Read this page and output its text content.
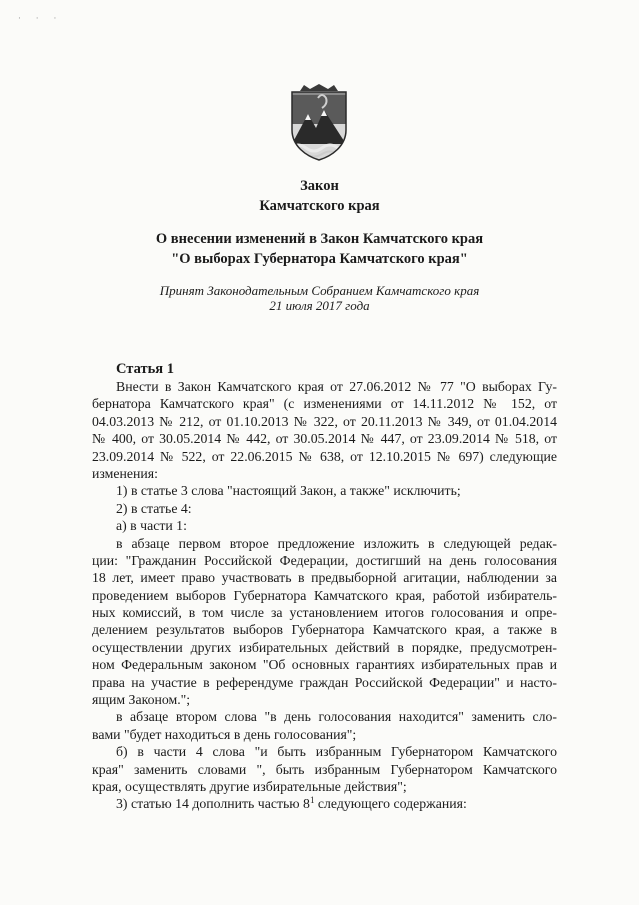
· · ·
Закон
Камчатского края
О внесении изменений в Закон Камчатского края
"О выборах Губернатора Камчатского края"
Принят Законодательным Собранием Камчатского края
21 июля 2017 года
Статья 1
Внести в Закон Камчатского края от 27.06.2012 № 77 "О выборах Гу-
бернатора Камчатского края" (с изменениями от 14.11.2012 № 152, от
04.03.2013 № 212, от 01.10.2013 № 322, от 20.11.2013 № 349, от 01.04.2014
№ 400, от 30.05.2014 № 442, от 30.05.2014 № 447, от 23.09.2014 № 518, от
23.09.2014 № 522, от 22.06.2015 № 638, от 12.10.2015 № 697) следующие
изменения:
1) в статье 3 слова "настоящий Закон, а также" исключить;
2) в статье 4:
а) в части 1:
в абзаце первом второе предложение изложить в следующей редак-
ции: "Гражданин Российской Федерации, достигший на день голосования
18 лет, имеет право участвовать в предвыборной агитации, наблюдении за
проведением выборов Губернатора Камчатского края, работой избиратель-
ных комиссий, в том числе за установлением итогов голосования и опре-
делением результатов выборов Губернатора Камчатского края, а также в
осуществлении других избирательных действий в порядке, предусмотрен-
ном Федеральным законом "Об основных гарантиях избирательных прав и
права на участие в референдуме граждан Российской Федерации" и насто-
ящим Законом.";
в абзаце втором слова "в день голосования находится" заменить сло-
вами "будет находиться в день голосования";
б) в части 4 слова "и быть избранным Губернатором Камчатского
края" заменить словами ", быть избранным Губернатором Камчатского
края, осуществлять другие избирательные действия";
3) статью 14 дополнить частью $8^1$ следующего содержания:
